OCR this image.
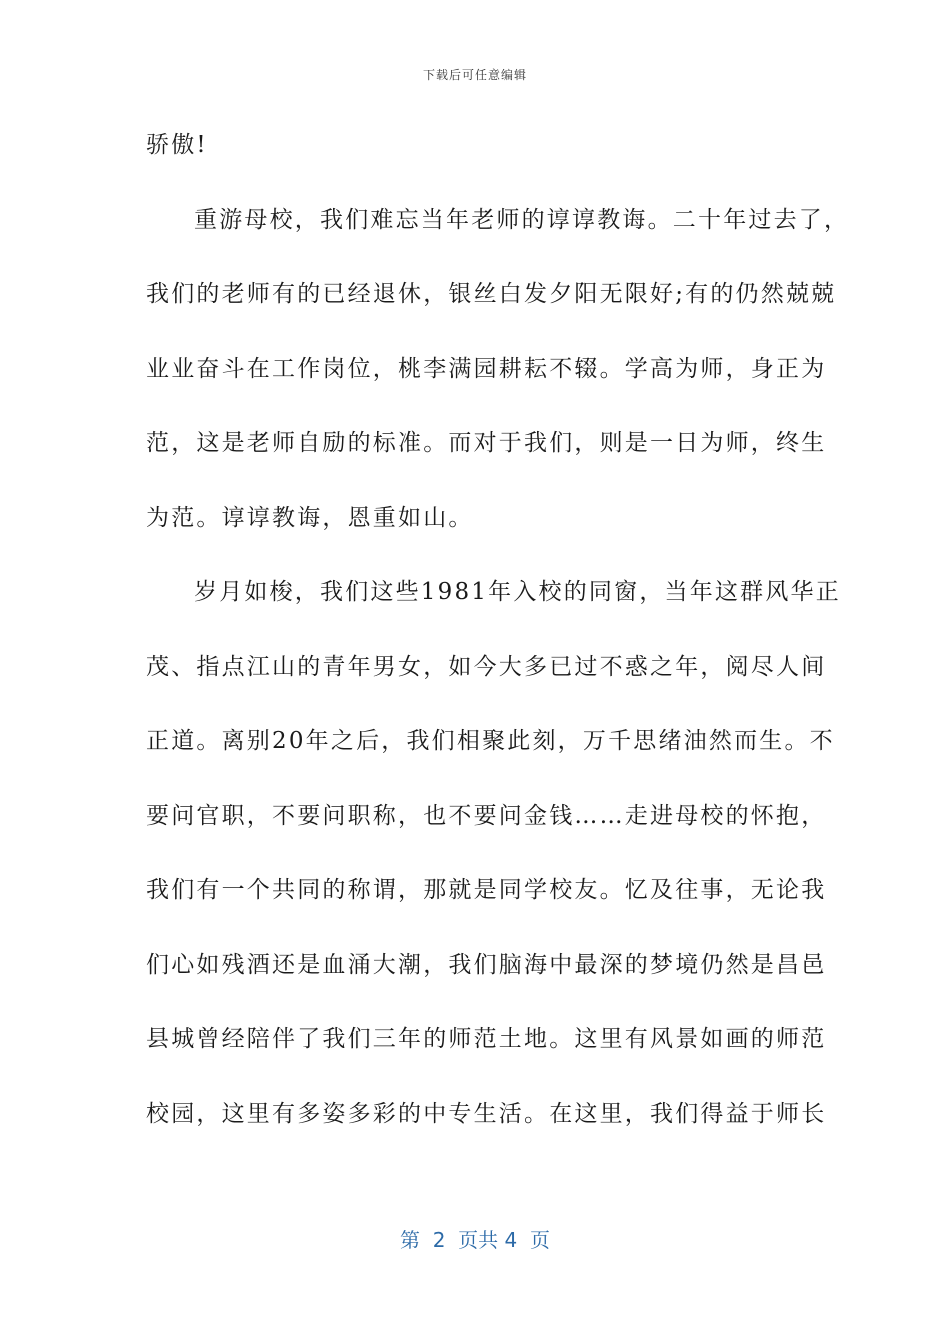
下载后可任意编辑
骄傲!
重游母校，我们难忘当年老师的谆谆教诲。二十年过去了，
我们的老师有的已经退休，银丝白发夕阳无限好;有的仍然兢兢
业业奋斗在工作岗位，桃李满园耕耘不辍。学高为师，身正为
范，这是老师自励的标准。而对于我们，则是一日为师，终生
为范。谆谆教诲，恩重如山。
岁月如梭，我们这些1981年入校的同窗，当年这群风华正
茂、指点江山的青年男女，如今大多已过不惑之年，阅尽人间
正道。离别20年之后，我们相聚此刻，万千思绪油然而生。不
要问官职，不要问职称，也不要问金钱……走进母校的怀抱，
我们有一个共同的称谓，那就是同学校友。忆及往事，无论我
们心如残酒还是血涌大潮，我们脑海中最深的梦境仍然是昌邑
县城曾经陪伴了我们三年的师范土地。这里有风景如画的师范
校园，这里有多姿多彩的中专生活。在这里，我们得益于师长
第  2  页共 4  页
